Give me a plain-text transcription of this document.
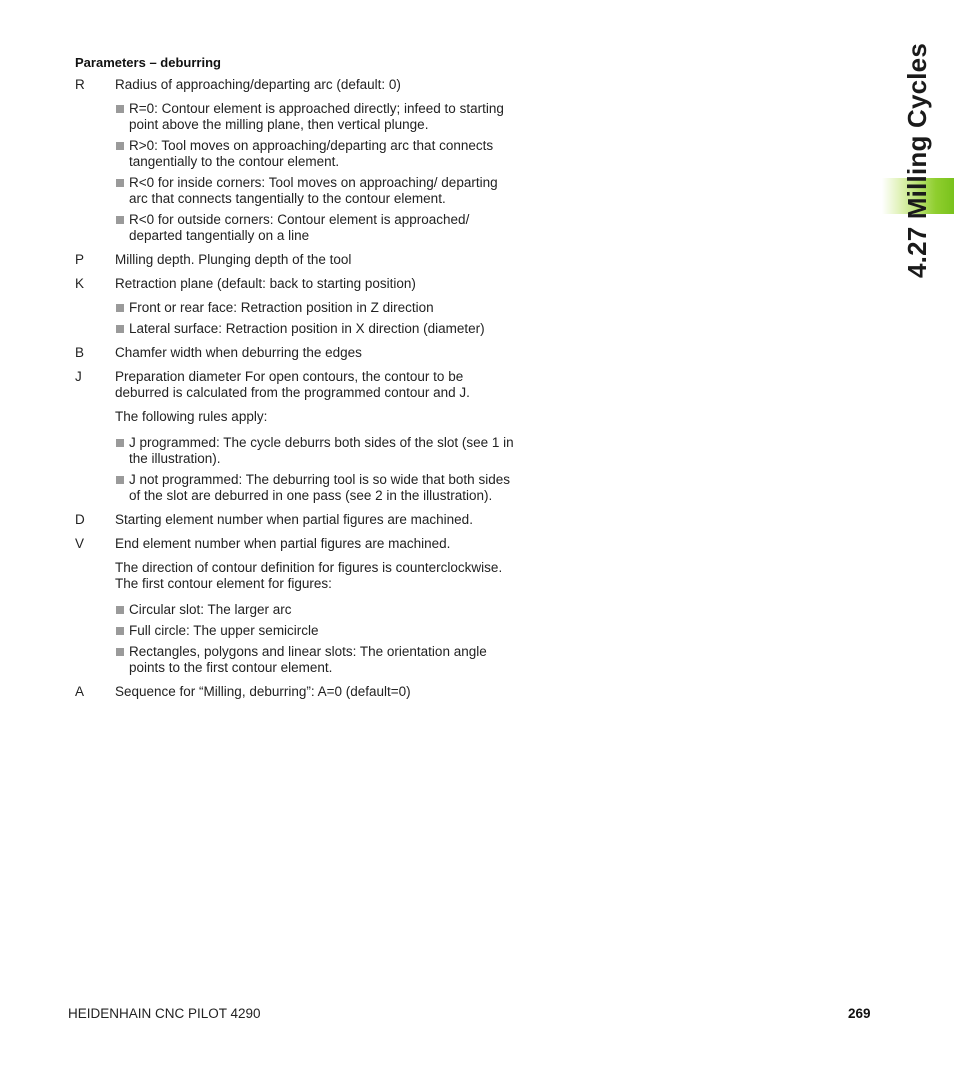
4.27 Milling Cycles
Parameters – deburring
R	Radius of approaching/departing arc (default: 0)
R=0: Contour element is approached directly; infeed to starting point above the milling plane, then vertical plunge.
R>0: Tool moves on approaching/departing arc that connects tangentially to the contour element.
R<0 for inside corners: Tool moves on approaching/ departing arc that connects tangentially to the contour element.
R<0 for outside corners: Contour element is approached/ departed tangentially on a line
P	Milling depth. Plunging depth of the tool
K	Retraction plane (default: back to starting position)
Front or rear face: Retraction position in Z direction
Lateral surface: Retraction position in X direction (diameter)
B	Chamfer width when deburring the edges
J	Preparation diameter For open contours, the contour to be deburred is calculated from the programmed contour and J.
The following rules apply:
J programmed: The cycle deburrs both sides of the slot (see 1 in the illustration).
J not programmed: The deburring tool is so wide that both sides of the slot are deburred in one pass (see 2 in the illustration).
D	Starting element number when partial figures are machined.
V	End element number when partial figures are machined.
The direction of contour definition for figures is counterclockwise. The first contour element for figures:
Circular slot: The larger arc
Full circle: The upper semicircle
Rectangles, polygons and linear slots: The orientation angle points to the first contour element.
A	Sequence for “Milling, deburring”: A=0 (default=0)
HEIDENHAIN CNC PILOT 4290	269
